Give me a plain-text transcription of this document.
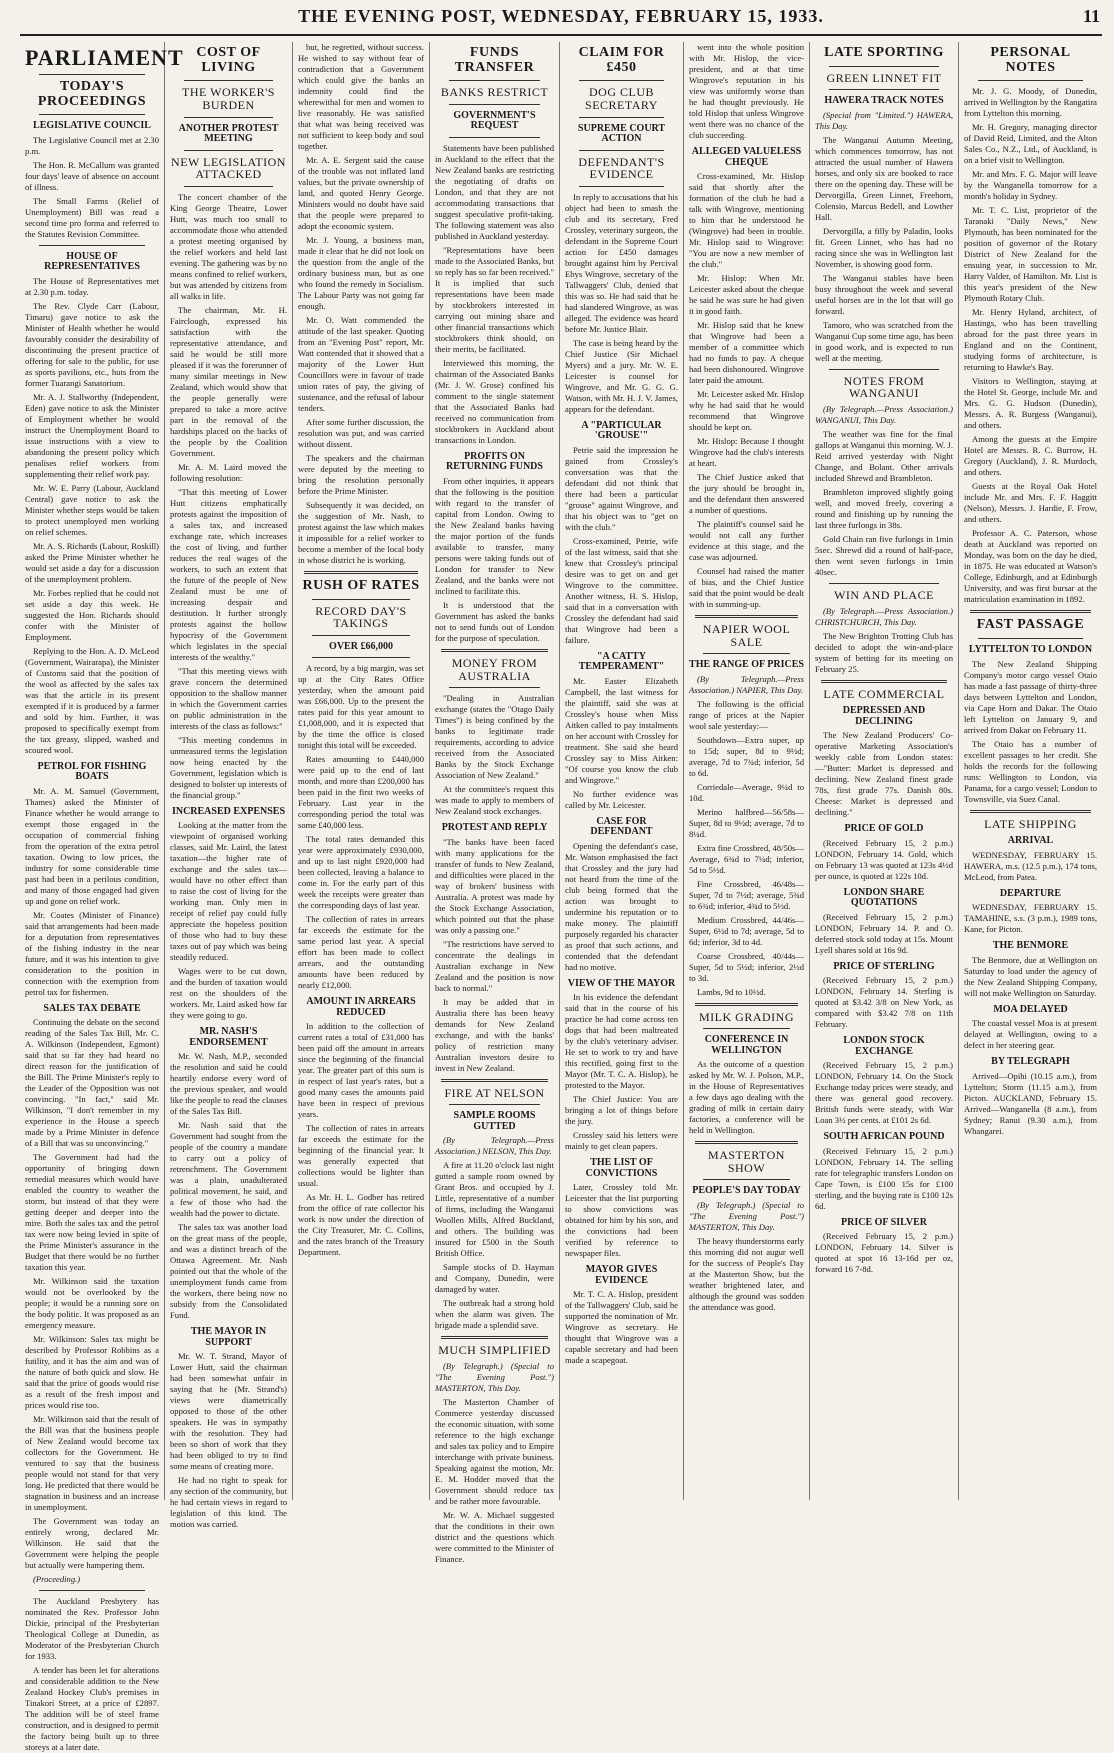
THE EVENING POST, WEDNESDAY, FEBRUARY 15, 1933.	11
PARLIAMENT
TODAY'S PROCEEDINGS
LEGISLATIVE COUNCIL

The Legislative Council met at 2.30 p.m.

The Hon. R. McCallum was granted four days' leave of absence on account of illness.

The Small Farms (Relief of Unemployment) Bill was read a second time pro forma and referred to the Statutes Revision Committee.

HOUSE OF REPRESENTATIVES

The House of Representatives met at 2.30 p.m. today.

The Rev. Clyde Carr (Labour, Timaru) gave notice to ask the Minister of Health whether he would favourably consider the desirability of discontinuing the present practice of offering for sale to the public, for use as sports pavilions, etc., huts from the former Tuarangi Sanatorium.

Mr. A. J. Stallworthy (Independent, Eden) gave notice to ask the Minister of Employment whether he would instruct the Unemployment Board to issue instructions with a view to abandoning the present policy which penalises relief workers from supplementing their relief work pay.

Mr. W. E. Parry (Labour, Auckland Central) gave notice to ask the Minister whether steps would be taken to protect unemployed men working on relief schemes.

Mr. A. S. Richards (Labour, Roskill) asked the Prime Minister whether he would set aside a day for a discussion of the unemployment problem.

Mr. Forbes replied that he could not set aside a day this week. He suggested the Hon. Richards should confer with the Minister of Employment.

Replying to the Hon. A. D. McLeod (Government, Wairarapa), the Minister of Customs said that the position of the wool as affected by the sales tax was that the article in its present exempted if it is produced by a farmer and sold by him. Further, it was proposed to specifically exempt from the tax greasy, slipped, washed and scoured wool.

PETROL FOR FISHING BOATS

Mr. A. M. Samuel (Government, Thames) asked the Minister of Finance whether he would arrange to exempt those engaged in the occupation of commercial fishing from the operation of the extra petrol taxation. Owing to low prices, the industry for some considerable time past had been in a perilous condition, and many of those engaged had given up and gone on relief work.

Mr. Coates (Minister of Finance) said that arrangements had been made for a deputation from representatives of the fishing industry in the near future, and it was his intention to give consideration to the position in connection with the exemption from petrol tax for fishermen.

SALES TAX DEBATE

Continuing the debate on the second reading of the Sales Tax Bill, Mr. C. A. Wilkinson (Independent, Egmont) said that so far they had heard no direct reason for the justification of the Bill. The Prime Minister's reply to the Leader of the Opposition was not convincing. "In fact," said Mr. Wilkinson, "I don't remember in my experience in the House a speech made by a Prime Minister in defence of a Bill that was so unconvincing."

The Government had had the opportunity of bringing down remedial measures which would have enabled the country to weather the storm, but instead of that they were getting deeper and deeper into the mire. Both the sales tax and the petrol tax were now being levied in spite of the Prime Minister's assurance in the Budget that there would be no further taxation this year.

Mr. Wilkinson said the taxation would not be overlooked by the people; it would be a running sore on the body politic. It was proposed as an emergency measure.

Mr. Wilkinson: Sales tax might be described by Professor Robbins as a futility, and it has the aim and was of the nature of both quick and slow. He said that the price of goods would rise as a result of the fresh impost and prices would rise too.

Mr. Wilkinson said that the result of the Bill was that the business people of New Zealand would become tax collectors for the Government. He ventured to say that the business people would not stand for that very long. He predicted that there would be stagnation in business and an increase in unemployment.

The Government was today an entirely wrong, declared Mr. Wilkinson. He said that the Government were helping the people but actually were hampering them.

(Proceeding.)

The Auckland Presbytery has nominated the Rev. Professor John Dickie, principal of the Presbyterian Theological College at Dunedin, as Moderator of the Presbyterian Church for 1933.

A tender has been let for alterations and considerable addition to the New Zealand Hockey Club's premises in Tinakori Street, at a price of £2897. The addition will be of steel frame construction, and is designed to permit the factory being built up to three storeys at a later date.

COST OF LIVING
THE WORKER'S BURDEN
ANOTHER PROTEST MEETING
NEW LEGISLATION ATTACKED

The concert chamber of the King George Theatre, Lower Hutt, was much too small to accommodate those who attended a protest meeting organised by the relief workers and held last evening. The gathering was by no means confined to relief workers, but was attended by citizens from all walks in life.

The chairman, Mr. H. Fairclough, expressed his satisfaction with the representative attendance, and said he would be still more pleased if it was the forerunner of many similar meetings in New Zealand, which would show that the people generally were prepared to take a more active part in the removal of the hardships placed on the backs of the people by the Coalition Government.

Mr. A. M. Laird moved the following resolution:

"That this meeting of Lower Hutt citizens emphatically protests against the imposition of a sales tax, and increased exchange rate, which increases the cost of living, and further reduces the real wages of the workers, to such an extent that the future of the people of New Zealand must be one of increasing despair and destitution. It further strongly protests against the hollow hypocrisy of the Government which legislates in the special interests of the wealthy."

"That this meeting views with grave concern the determined opposition to the shallow manner in which the Government carries on public administration in the interests of the class as follows:"

"This meeting condemns in unmeasured terms the legislation now being enacted by the Government, legislation which is designed to bolster up interests of the financial group."

INCREASED EXPENSES

Looking at the matter from the viewpoint of organised working classes, said Mr. Laird, the latest taxation—the higher rate of exchange and the sales tax—would have no other effect than to raise the cost of living for the working man. Only men in receipt of relief pay could fully appreciate the hopeless position of those who had to buy these taxes out of pay which was being steadily reduced.

Wages were to be cut down, and the burden of taxation would rest on the shoulders of the workers. Mr. Laird asked how far they were going to go.

MR. NASH'S ENDORSEMENT

Mr. W. Nash, M.P., seconded the resolution and said he could heartily endorse every word of the previous speaker, and would like the people to read the clauses of the Sales Tax Bill.

Mr. Nash said that the Government had sought from the people of the country a mandate to carry out a policy of retrenchment. The Government was a plain, unadulterated political movement, he said, and a few of those who had the wealth had the power to dictate.

The sales tax was another load on the great mass of the people, and was a distinct breach of the Ottawa Agreement. Mr. Nash pointed out that the whole of the unemployment funds came from the workers, there being now no subsidy from the Consolidated Fund.

THE MAYOR IN SUPPORT

Mr. W. T. Strand, Mayor of Lower Hutt, said the chairman had been somewhat unfair in saying that he (Mr. Strand's) views were diametrically opposed to those of the other speakers. He was in sympathy with the resolution. They had been so short of work that they had been obliged to try to find some means of creating more.

He had no right to speak for any section of the community, but he had certain views in regard to legislation of this kind. The motion was carried.

but, he regretted, without success. He wished to say without fear of contradiction that a Government which could give the banks an indemnity could find the wherewithal for men and women to live reasonably. He was satisfied that what was being received was not sufficient to keep body and soul together.

Mr. A. E. Sergent said the cause of the trouble was not inflated land values, but the private ownership of land, and quoted Henry George. Ministers would no doubt have said that the people were prepared to adopt the economic system.

Mr. J. Young, a business man, made it clear that he did not look on the question from the angle of the ordinary business man, but as one who found the remedy in Socialism. The Labour Party was not going far enough.

Mr. O. Watt commended the attitude of the last speaker. Quoting from an "Evening Post" report, Mr. Watt contended that it showed that a majority of the Lower Hutt Councillors were in favour of trade union rates of pay, the giving of sustenance, and the refusal of labour tenders.

After some further discussion, the resolution was put, and was carried without dissent.

The speakers and the chairman were deputed by the meeting to bring the resolution personally before the Prime Minister.

Subsequently it was decided, on the suggestion of Mr. Nash, to protest against the law which makes it impossible for a relief worker to become a member of the local body in whose district he is working.

RUSH OF RATES
RECORD DAY'S TAKINGS
OVER £66,000

A record, by a big margin, was set up at the City Rates Office yesterday, when the amount paid was £66,000. Up to the present the rates paid for this year amount to £1,008,000, and it is expected that by the time the office is closed tonight this total will be exceeded.

Rates amounting to £440,000 were paid up to the end of last month, and more than £200,000 has been paid in the first two weeks of February. Last year in the corresponding period the total was some £40,000 less.

The total rates demanded this year were approximately £930,000, and up to last night £920,000 had been collected, leaving a balance to come in. For the early part of this week the receipts were greater than the corresponding days of last year.

The collection of rates in arrears far exceeds the estimate for the same period last year. A special effort has been made to collect arrears, and the outstanding amounts have been reduced by nearly £12,000.

AMOUNT IN ARREARS REDUCED

In addition to the collection of current rates a total of £31,000 has been paid off the amount in arrears since the beginning of the financial year. The greater part of this sum is in respect of last year's rates, but a good many cases the amounts paid have been in respect of previous years.

The collection of rates in arrears far exceeds the estimate for the beginning of the financial year. It was generally expected that collections would be lighter than usual.

As Mr. H. L. Godber has retired from the office of rate collector his work is now under the direction of the City Treasurer, Mr. C. Collins, and the rates branch of the Treasury Department.

FUNDS TRANSFER
BANKS RESTRICT
GOVERNMENT'S REQUEST

Statements have been published in Auckland to the effect that the New Zealand banks are restricting the negotiating of drafts on London, and that they are not accommodating transactions that suggest speculative profit-taking. The following statement was also published in Auckland yesterday.

"Representations have been made to the Associated Banks, but so reply has so far been received." It is implied that such representations have been made by stockbrokers interested in carrying out mining share and other financial transactions which stockbrokers think should, on their merits, be facilitated.

Interviewed this morning, the chairman of the Associated Banks (Mr. J. W. Grose) confined his comment to the single statement that the Associated Banks had received no communication from stockbrokers in Auckland about transactions in London.

PROFITS ON RETURNING FUNDS

From other inquiries, it appears that the following is the position with regard to the transfer of capital from London. Owing to the New Zealand banks having the major portion of the funds available to transfer, many persons were taking funds out of London for transfer to New Zealand, and the banks were not inclined to facilitate this.

It is understood that the Government has asked the banks not to send funds out of London for the purpose of speculation.

MONEY FROM AUSTRALIA

"Dealing in Australian exchange (states the "Otago Daily Times") is being confined by the banks to legitimate trade requirements, according to advice received from the Associated Banks by the Stock Exchange Association of New Zealand."

At the committee's request this was made to apply to members of New Zealand stock exchanges.

PROTEST AND REPLY

"The banks have been faced with many applications for the transfer of funds to New Zealand, and difficulties were placed in the way of brokers' business with Australia. A protest was made by the Stock Exchange Association, which pointed out that the phase was only a passing one."

"The restrictions have served to concentrate the dealings in Australian exchange in New Zealand and the position is now back to normal."

It may be added that in Australia there has been heavy demands for New Zealand exchange, and with the banks' policy of restriction many Australian investors desire to invest in New Zealand.

FIRE AT NELSON
SAMPLE ROOMS GUTTED

(By Telegraph.—Press Association.) NELSON, This Day.

A fire at 11.20 o'clock last night gutted a sample room owned by Grant Bros. and occupied by J. Little, representative of a number of firms, including the Wanganui Woollen Mills, Alfred Buckland, and others. The building was insured for £500 in the South British Office.

Sample stocks of D. Hayman and Company, Dunedin, were damaged by water.

The outbreak had a strong hold when the alarm was given. The brigade made a splendid save.

MUCH SIMPLIFIED

(By Telegraph.) (Special to "The Evening Post.") MASTERTON, This Day.

The Masterton Chamber of Commerce yesterday discussed the economic situation, with some reference to the high exchange and sales tax policy and to Empire interchange with private business. Speaking against the motion, Mr. E. M. Hodder moved that the Government should reduce tax and be rather more favourable.

Mr. W. A. Michael suggested that the conditions in their own district and the questions which were committed to the Minister of Finance.

CLAIM FOR £450
DOG CLUB SECRETARY
SUPREME COURT ACTION
DEFENDANT'S EVIDENCE

In reply to accusations that his object had been to smash the club and its secretary, Fred Crossley, veterinary surgeon, the defendant in the Supreme Court action for £450 damages brought against him by Percival Ebys Wingrove, secretary of the Tallwaggers' Club, denied that this was so. He had said that he had slandered Wingrove, as was alleged. The evidence was heard before Mr. Justice Blair.

The case is being heard by the Chief Justice (Sir Michael Myers) and a jury. Mr. W. E. Leicester is counsel for Wingrove, and Mr. G. G. G. Watson, with Mr. H. J. V. James, appears for the defendant.

A "PARTICULAR 'GROUSE'"

Petrie said the impression he gained from Crossley's conversation was that the defendant did not think that there had been a particular "grouse" against Wingrove, and that his object was to "get on with the club."

Cross-examined, Petrie, wife of the last witness, said that she knew that Crossley's principal desire was to get on and get Wingrove to the committee. Another witness, H. S. Hislop, said that in a conversation with Crossley the defendant had said that Wingrove had been a failure.

"A CATTY TEMPERAMENT"

Mr. Easter Elizabeth Campbell, the last witness for the plaintiff, said she was at Crossley's house when Miss Aitken called to pay instalments on her account with Crossley for treatment. She said she heard Crossley say to Miss Aitken: "Of course you know the club and Wingrove."

No further evidence was called by Mr. Leicester.

CASE FOR DEFENDANT

Opening the defendant's case, Mr. Watson emphasised the fact that Crossley and the jury had not heard from the time of the club being formed that the action was brought to undermine his reputation or to make money. The plaintiff purposely regarded his character as proof that such actions, and contended that the defendant had no motive.

VIEW OF THE MAYOR

In his evidence the defendant said that in the course of his practice he had come across ten dogs that had been maltreated by the club's veterinary adviser. He set to work to try and have this rectified, going first to the Mayor (Mr. T. C. A. Hislop), he protested to the Mayor.

The Chief Justice: You are bringing a lot of things before the jury.

Crossley said his letters were mainly to get clean papers.

THE LIST OF CONVICTIONS

Later, Crossley told Mr. Leicester that the list purporting to show convictions was obtained for him by his son, and the convictions had been verified by reference to newspaper files.

MAYOR GIVES EVIDENCE

Mr. T. C. A. Hislop, president of the Tallwaggers' Club, said he supported the nomination of Mr. Wingrove as secretary. He thought that Wingrove was a capable secretary and had been made a scapegoat.

went into the whole position with Mr. Hislop, the vice-president, and at that time Wingrove's reputation in his view was uniformly worse than he had thought previously. He told Hislop that unless Wingrove went there was no chance of the club succeeding.

ALLEGED VALUELESS CHEQUE

Cross-examined, Mr. Hislop said that shortly after the formation of the club he had a talk with Wingrove, mentioning to him that he understood he (Wingrove) had been in trouble. Mr. Hislop said to Wingrove: "You are now a new member of the club."

Mr. Hislop: When Mr. Leicester asked about the cheque he said he was sure he had given it in good faith.

Mr. Hislop said that he knew that Wingrove had been a member of a committee which had no funds to pay. A cheque had been dishonoured. Wingrove later paid the amount.

Mr. Leicester asked Mr. Hislop why he had said that he would recommend that Wingrove should be kept on.

Mr. Hislop: Because I thought Wingrove had the club's interests at heart.

The Chief Justice asked that the jury should be brought in, and the defendant then answered a number of questions.

The plaintiff's counsel said he would not call any further evidence at this stage, and the case was adjourned.

Counsel had raised the matter of bias, and the Chief Justice said that the point would be dealt with in summing-up.

NAPIER WOOL SALE
THE RANGE OF PRICES

(By Telegraph.—Press Association.) NAPIER, This Day.

The following is the official range of prices at the Napier wool sale yesterday:—

Southdown—Extra super, up to 15d; super, 8d to 9½d; average, 7d to 7¾d; inferior, 5d to 6d.

Corriedale—Average, 9¼d to 10d.

Merino halfbred—56/58s—Super, 8d to 9½d; average, 7d to 8¼d.

Extra fine Crossbred, 48/50s—Average, 6¾d to 7¼d; inferior, 5d to 5½d.

Fine Crossbred, 46/48s—Super, 7d to 7½d; average, 5¾d to 6¾d; inferior, 4¾d to 5½d.

Medium Crossbred, 44/46s—Super, 6½d to 7d; average, 5d to 6d; inferior, 3d to 4d.

Coarse Crossbred, 40/44s—Super, 5d to 5½d; inferior, 2½d to 3d.

Lambs, 9d to 10½d.

MILK GRADING
CONFERENCE IN WELLINGTON

As the outcome of a question asked by Mr. W. J. Polson, M.P., in the House of Representatives a few days ago dealing with the grading of milk in certain dairy factories, a conference will be held in Wellington.

MASTERTON SHOW
PEOPLE'S DAY TODAY

(By Telegraph.) (Special to "The Evening Post.") MASTERTON, This Day.

The heavy thunderstorms early this morning did not augur well for the success of People's Day at the Masterton Show, but the weather brightened later, and although the ground was sodden the attendance was good.

LATE SPORTING
GREEN LINNET FIT
HAWERA TRACK NOTES

(Special from "Limited.") HAWERA, This Day.

The Wanganui Autumn Meeting, which commences tomorrow, has not attracted the usual number of Hawera horses, and only six are booked to race there on the opening day. These will be Dervorgilla, Green Linnet, Freehorn, Colensio, Marcus Bedell, and Lowther Hall.

Dervorgilla, a filly by Paladin, looks fit. Green Linnet, who has had no racing since she was in Wellington last November, is showing good form.

The Wanganui stables have been busy throughout the week and several useful horses are in the lot that will go forward.

Tamoro, who was scratched from the Wanganui Cup some time ago, has been in good work, and is expected to run well at the meeting.

NOTES FROM WANGANUI

(By Telegraph.—Press Association.) WANGANUI, This Day.

The weather was fine for the final gallops at Wanganui this morning. W. J. Reid arrived yesterday with Night Change, and Bolant. Other arrivals included Shrewd and Brambleton.

Bramhleton improved slightly going well, and moved freely, covering a round and finishing up by running the last three furlongs in 38s.

Gold Chain ran five furlongs in 1min 5sec. Shrewd did a round of half-pace, then went seven furlongs in 1min 40sec.

WIN AND PLACE

(By Telegraph.—Press Association.) CHRISTCHURCH, This Day.

The New Brighton Trotting Club has decided to adopt the win-and-place system of betting for its meeting on February 25.

LATE COMMERCIAL
DEPRESSED AND DECLINING

The New Zealand Producers' Co-operative Marketing Association's weekly cable from London states:—"Butter: Market is depressed and declining. New Zealand finest grade 78s, first grade 77s. Danish 80s. Cheese: Market is depressed and declining."

PRICE OF GOLD

(Received February 15, 2 p.m.) LONDON, February 14. Gold, which on February 13 was quoted at 123s 4½d per ounce, is quoted at 122s 10d.

LONDON SHARE QUOTATIONS

(Received February 15, 2 p.m.) LONDON, February 14. P. and O. deferred stock sold today at 15s. Mount Lyell shares sold at 16s 9d.

PRICE OF STERLING

(Received February 15, 2 p.m.) LONDON, February 14. Sterling is quoted at $3.42 3/8 on New York, as compared with $3.42 7/8 on 11th February.

LONDON STOCK EXCHANGE

(Received February 15, 2 p.m.) LONDON, February 14. On the Stock Exchange today prices were steady, and there was general good recovery. British funds were steady, with War Loan 3½ per cents. at £101 2s 6d.

SOUTH AFRICAN POUND

(Received February 15, 2 p.m.) LONDON, February 14. The selling rate for telegraphic transfers London on Cape Town, is £100 15s for £100 sterling, and the buying rate is £100 12s 6d.

PRICE OF SILVER

(Received February 15, 2 p.m.) LONDON, February 14. Silver is quoted at spot 16 13-16d per oz, forward 16 7-8d.

PERSONAL NOTES

Mr. J. G. Moody, of Dunedin, arrived in Wellington by the Rangatira from Lyttelton this morning.

Mr. H. Gregory, managing director of David Reid, Limited, and the Alton Sales Co., N.Z., Ltd., of Auckland, is on a brief visit to Wellington.

Mr. and Mrs. F. G. Major will leave by the Wanganella tomorrow for a month's holiday in Sydney.

Mr. T. C. List, proprietor of the Taranaki "Daily News," New Plymouth, has been nominated for the position of governor of the Rotary District of New Zealand for the ensuing year, in succession to Mr. Harry Valder, of Hamilton. Mr. List is this year's president of the New Plymouth Rotary Club.

Mr. Henry Hyland, architect, of Hastings, who has been travelling abroad for the past three years in England and on the Continent, studying forms of architecture, is returning to Hawke's Bay.

Visitors to Wellington, staying at the Hotel St. George, include Mr. and Mrs. G. G. Hudson (Dunedin), Messrs. A. R. Burgess (Wanganui), and others.

Among the guests at the Empire Hotel are Messrs. R. C. Burrow, H. Gregory (Auckland), J. R. Murdoch, and others.

Guests at the Royal Oak Hotel include Mr. and Mrs. F. F. Haggitt (Nelson), Messrs. J. Hardie, F. Frow, and others.

Professor A. C. Paterson, whose death at Auckland was reported on Monday, was born on the day he died, in 1875. He was educated at Watson's College, Edinburgh, and at Edinburgh University, and was first bursar at the matriculation examination in 1892.

FAST PASSAGE
LYTTELTON TO LONDON

The New Zealand Shipping Company's motor cargo vessel Otaio has made a fast passage of thirty-three days between Lyttelton and London, via Cape Horn and Dakar. The Otaio left Lyttelton on January 9, and arrived from Dakar on February 11.

The Otaio has a number of excellent passages to her credit. She holds the records for the following runs: Wellington to London, via Panama, for a cargo vessel; London to Townsville, via Suez Canal.

LATE SHIPPING
ARRIVAL

WEDNESDAY, FEBRUARY 15. HAWERA, m.s. (12.5 p.m.), 174 tons, McLeod, from Patea.

DEPARTURE

WEDNESDAY, FEBRUARY 15. TAMAHINE, s.s. (3 p.m.), 1989 tons, Kane, for Picton.

THE BENMORE

The Benmore, due at Wellington on Saturday to load under the agency of the New Zealand Shipping Company, will not make Wellington on Saturday.

MOA DELAYED

The coastal vessel Moa is at present delayed at Wellington, owing to a defect in her steering gear.

BY TELEGRAPH

Arrived—Opihi (10.15 a.m.), from Lyttelton; Storm (11.15 a.m.), from Picton. AUCKLAND, February 15. Arrived—Wanganella (8 a.m.), from Sydney; Ranui (9.30 a.m.), from Whangarei.
